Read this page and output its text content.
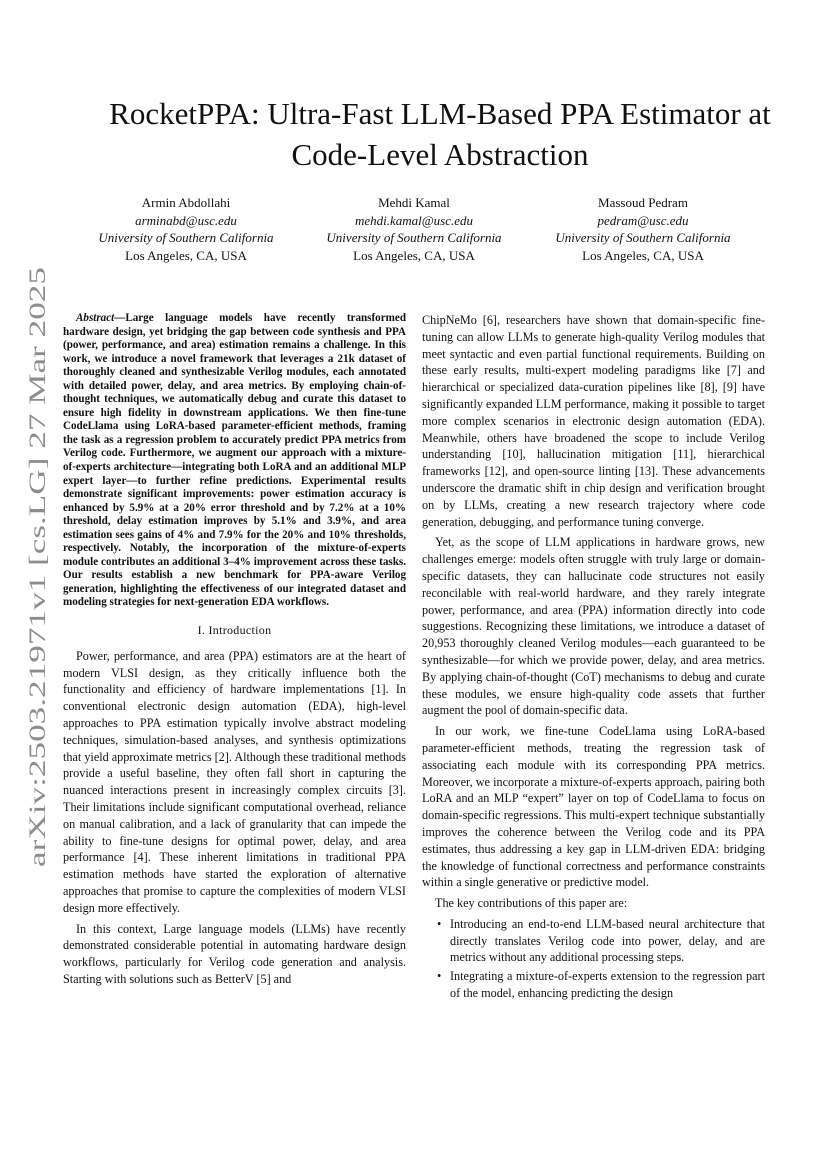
arXiv:2503.21971v1 [cs.LG] 27 Mar 2025
RocketPPA: Ultra-Fast LLM-Based PPA Estimator at
Code-Level Abstraction
Armin Abdollahi
arminabd@usc.edu
University of Southern California
Los Angeles, CA, USA
Mehdi Kamal
mehdi.kamal@usc.edu
University of Southern California
Los Angeles, CA, USA
Massoud Pedram
pedram@usc.edu
University of Southern California
Los Angeles, CA, USA

Abstract—Large language models have recently transformed hardware design, yet bridging the gap between code synthesis and PPA (power, performance, and area) estimation remains a challenge. In this work, we introduce a novel framework that leverages a 21k dataset of thoroughly cleaned and synthesizable Verilog modules, each annotated with detailed power, delay, and area metrics. By employing chain-of-thought techniques, we automatically debug and curate this dataset to ensure high fidelity in downstream applications. We then fine-tune CodeLlama using LoRA-based parameter-efficient methods, framing the task as a regression problem to accurately predict PPA metrics from Verilog code. Furthermore, we augment our approach with a mixture-of-experts architecture—integrating both LoRA and an additional MLP expert layer—to further refine predictions. Experimental results demonstrate significant improvements: power estimation accuracy is enhanced by 5.9% at a 20% error threshold and by 7.2% at a 10% threshold, delay estimation improves by 5.1% and 3.9%, and area estimation sees gains of 4% and 7.9% for the 20% and 10% thresholds, respectively. Notably, the incorporation of the mixture-of-experts module contributes an additional 3–4% improvement across these tasks. Our results establish a new benchmark for PPA-aware Verilog generation, highlighting the effectiveness of our integrated dataset and modeling strategies for next-generation EDA workflows.

I. Introduction

Power, performance, and area (PPA) estimators are at the heart of modern VLSI design, as they critically influence both the functionality and efficiency of hardware implementations [1]. In conventional electronic design automation (EDA), high-level approaches to PPA estimation typically involve abstract modeling techniques, simulation-based analyses, and synthesis optimizations that yield approximate metrics [2]. Although these traditional methods provide a useful baseline, they often fall short in capturing the nuanced interactions present in increasingly complex circuits [3]. Their limitations include significant computational overhead, reliance on manual calibration, and a lack of granularity that can impede the ability to fine-tune designs for optimal power, delay, and area performance [4]. These inherent limitations in traditional PPA estimation methods have started the exploration of alternative approaches that promise to capture the complexities of modern VLSI design more effectively.

In this context, Large language models (LLMs) have recently demonstrated considerable potential in automating hardware design workflows, particularly for Verilog code generation and analysis. Starting with solutions such as BetterV [5] and

ChipNeMo [6], researchers have shown that domain-specific fine-tuning can allow LLMs to generate high-quality Verilog modules that meet syntactic and even partial functional requirements. Building on these early results, multi-expert modeling paradigms like [7] and hierarchical or specialized data-curation pipelines like [8], [9] have significantly expanded LLM performance, making it possible to target more complex scenarios in electronic design automation (EDA). Meanwhile, others have broadened the scope to include Verilog understanding [10], hallucination mitigation [11], hierarchical frameworks [12], and open-source linting [13]. These advancements underscore the dramatic shift in chip design and verification brought on by LLMs, creating a new research trajectory where code generation, debugging, and performance tuning converge.

Yet, as the scope of LLM applications in hardware grows, new challenges emerge: models often struggle with truly large or domain-specific datasets, they can hallucinate code structures not easily reconcilable with real-world hardware, and they rarely integrate power, performance, and area (PPA) information directly into code suggestions. Recognizing these limitations, we introduce a dataset of 20,953 thoroughly cleaned Verilog modules—each guaranteed to be synthesizable—for which we provide power, delay, and area metrics. By applying chain-of-thought (CoT) mechanisms to debug and curate these modules, we ensure high-quality code assets that further augment the pool of domain-specific data.

In our work, we fine-tune CodeLlama using LoRA-based parameter-efficient methods, treating the regression task of associating each module with its corresponding PPA metrics. Moreover, we incorporate a mixture-of-experts approach, pairing both LoRA and an MLP “expert” layer on top of CodeLlama to focus on domain-specific regressions. This multi-expert technique substantially improves the coherence between the Verilog code and its PPA estimates, thus addressing a key gap in LLM-driven EDA: bridging the knowledge of functional correctness and performance constraints within a single generative or predictive model.

The key contributions of this paper are:

• Introducing an end-to-end LLM-based neural architecture that directly translates Verilog code into power, delay, and are metrics without any additional processing steps.
• Integrating a mixture-of-experts extension to the regression part of the model, enhancing predicting the design
